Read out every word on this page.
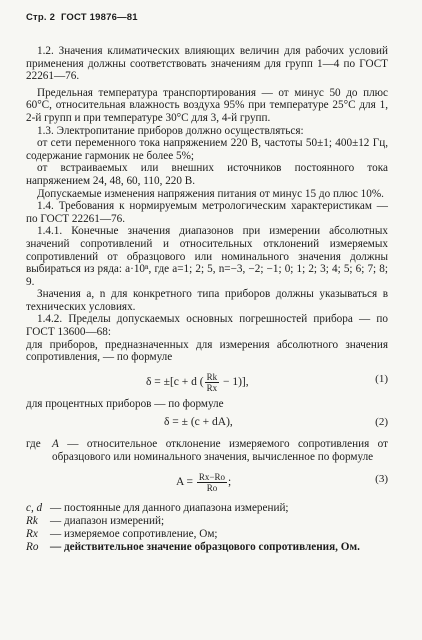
Стр. 2 ГОСТ 19876—81

1.2. Значения климатических влияющих величин для рабочих условий применения должны соответствовать значениям для групп 1—4 по ГОСТ 22261—76.

Предельная температура транспортирования — от минус 50 до плюс 60°С, относительная влажность воздуха 95% при температуре 25°С для 1, 2-й групп и при температуре 30°С для 3, 4-й групп.

1.3. Электропитание приборов должно осуществляться:

от сети переменного тока напряжением 220 В, частоты 50±1; 400±12 Гц, содержание гармоник не более 5%;

от встраиваемых или внешних источников постоянного тока напряжением 24, 48, 60, 110, 220 В.

Допускаемые изменения напряжения питания от минус 15 до плюс 10%.

1.4. Требования к нормируемым метрологическим характеристикам — по ГОСТ 22261—76.

1.4.1. Конечные значения диапазонов при измерении абсолютных значений сопротивлений и относительных отклонений измеряемых сопротивлений от образцового или номинального значения должны выбираться из ряда: a·10ⁿ, где a=1; 2; 5, n=−3, −2; −1; 0; 1; 2; 3; 4; 5; 6; 7; 8; 9.

Значения a, n для конкретного типа приборов должны указываться в технических условиях.

1.4.2. Пределы допускаемых основных погрешностей прибора — по ГОСТ 13600—68:

для приборов, предназначенных для измерения абсолютного значения сопротивления, — по формуле

δ = ±[c + d ( $\frac{Rk}{Rx} - 1$)],	(1)

для процентных приборов — по формуле

δ = ± (c + dA),	(2)
где	A — относительное отклонение измеряемого сопротивления от образцового или номинального значения, вычисленное по формуле
$A = \frac{Rx-Ro}{Ro}$ ;	(3)
c, d — постоянные для данного диапазона измерений;
Rk	— диапазон измерений;
Rx	— измеряемое сопротивление, Ом;
Ro	— действительное значение образцового сопротивления, Ом.
